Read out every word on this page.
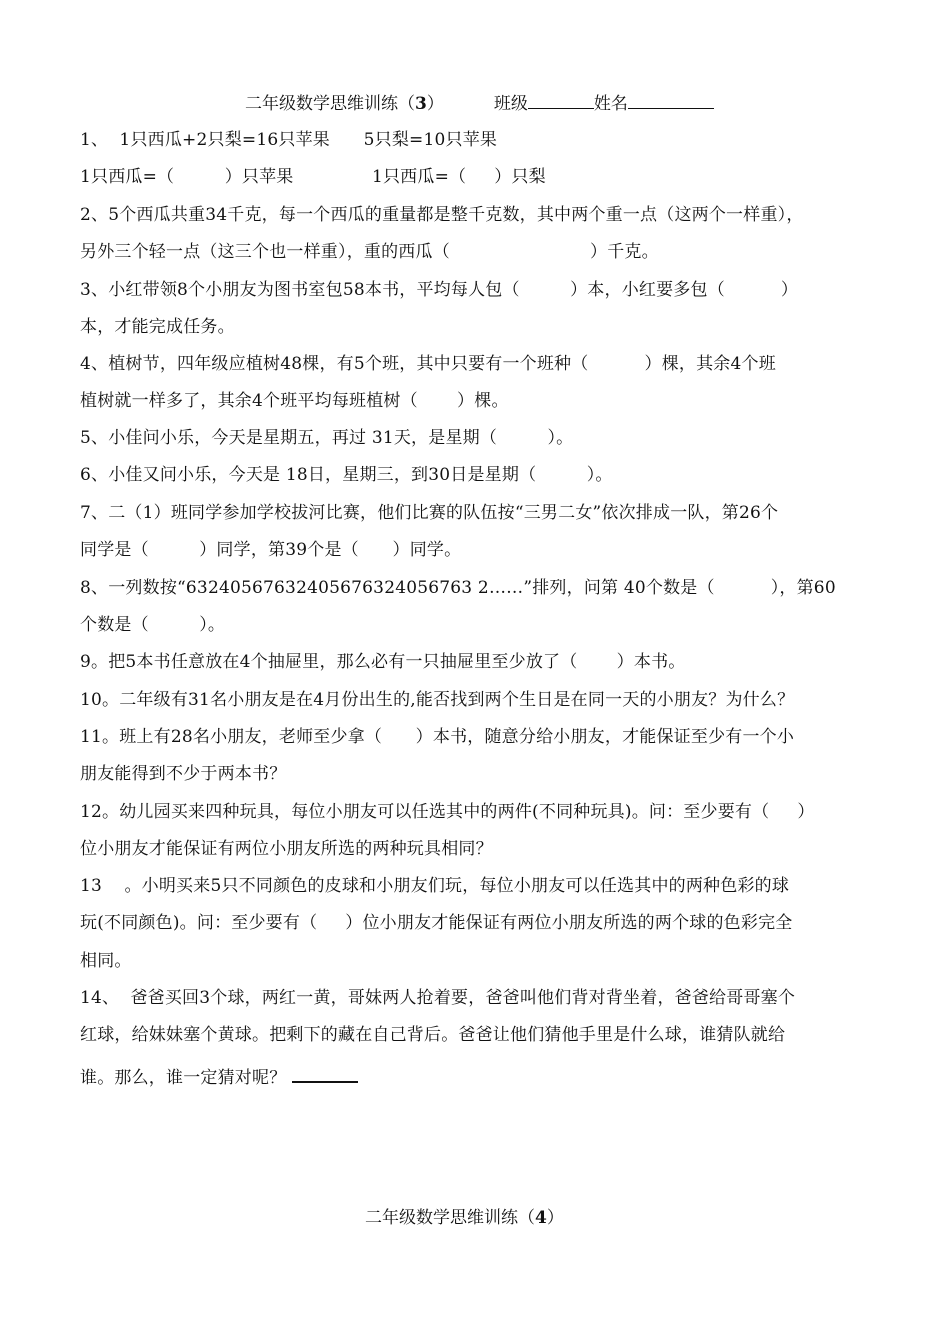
二年级数学思维训练（3）	班级	姓名
1、  1只西瓜+2只梨=16只苹果      5只梨=10只苹果
1只西瓜=（         ）只苹果              1只西瓜=（     ）只梨
2、5个西瓜共重34千克，每一个西瓜的重量都是整千克数，其中两个重一点（这两个一样重），
另外三个轻一点（这三个也一样重），重的西瓜（                         ）千克。
3、小红带领8个小朋友为图书室包58本书，平均每人包（         ）本，小红要多包（          ）
本，才能完成任务。
4、植树节，四年级应植树48棵，有5个班，其中只要有一个班种（          ）棵，其余4个班
植树就一样多了，其余4个班平均每班植树（       ）棵。
5、小佳问小乐，今天是星期五，再过 31天，是星期（         ）。
6、小佳又问小乐，今天是 18日，星期三，到30日是星期（         ）。
7、二（1）班同学参加学校拔河比赛，他们比赛的队伍按“三男二女”依次排成一队，第26个
同学是（         ）同学，第39个是（      ）同学。
8、一列数按“63240567632405676324056763 2……”排列，问第 40个数是（          ），第60
个数是（         ）。
9。把5本书任意放在4个抽屉里，那么必有一只抽屉里至少放了（       ）本书。
10。二年级有31名小朋友是在4月份出生的,能否找到两个生日是在同一天的小朋友？为什么？
11。班上有28名小朋友，老师至少拿（      ）本书，随意分给小朋友，才能保证至少有一个小
朋友能得到不少于两本书？
12。幼儿园买来四种玩具，每位小朋友可以任选其中的两件(不同种玩具)。问：至少要有（     ）
位小朋友才能保证有两位小朋友所选的两种玩具相同？
13    。小明买来5只不同颜色的皮球和小朋友们玩，每位小朋友可以任选其中的两种色彩的球
玩(不同颜色)。问：至少要有（     ）位小朋友才能保证有两位小朋友所选的两个球的色彩完全
相同。
14、  爸爸买回3个球，两红一黄，哥妹两人抢着要，爸爸叫他们背对背坐着，爸爸给哥哥塞个
红球，给妹妹塞个黄球。把剩下的藏在自己背后。爸爸让他们猜他手里是什么球，谁猜队就给
谁。那么，谁一定猜对呢？
二年级数学思维训练（4）
